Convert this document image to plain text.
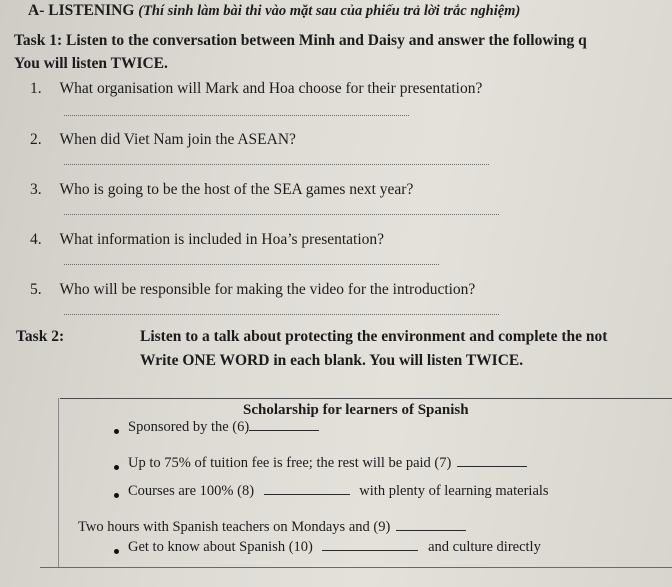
A- LISTENING (Thí sinh làm bài thi vào mặt sau của phiếu trả lời trắc nghiệm)
Task 1: Listen to the conversation between Minh and Daisy and answer the following q
You will listen TWICE.
1. What organisation will Mark and Hoa choose for their presentation?
2. When did Viet Nam join the ASEAN?
3. Who is going to be the host of the SEA games next year?
4. What information is included in Hoa’s presentation?
5. Who will be responsible for making the video for the introduction?
Task 2:	Listen to a talk about protecting the environment and complete the not
Write ONE WORD in each blank. You will listen TWICE.
Scholarship for learners of Spanish
Sponsored by the (6)
Up to 75% of tuition fee is free; the rest will be paid (7)
Courses are 100% (8)	with plenty of learning materials
Two hours with Spanish teachers on Mondays and (9)
Get to know about Spanish (10)	and culture directly
